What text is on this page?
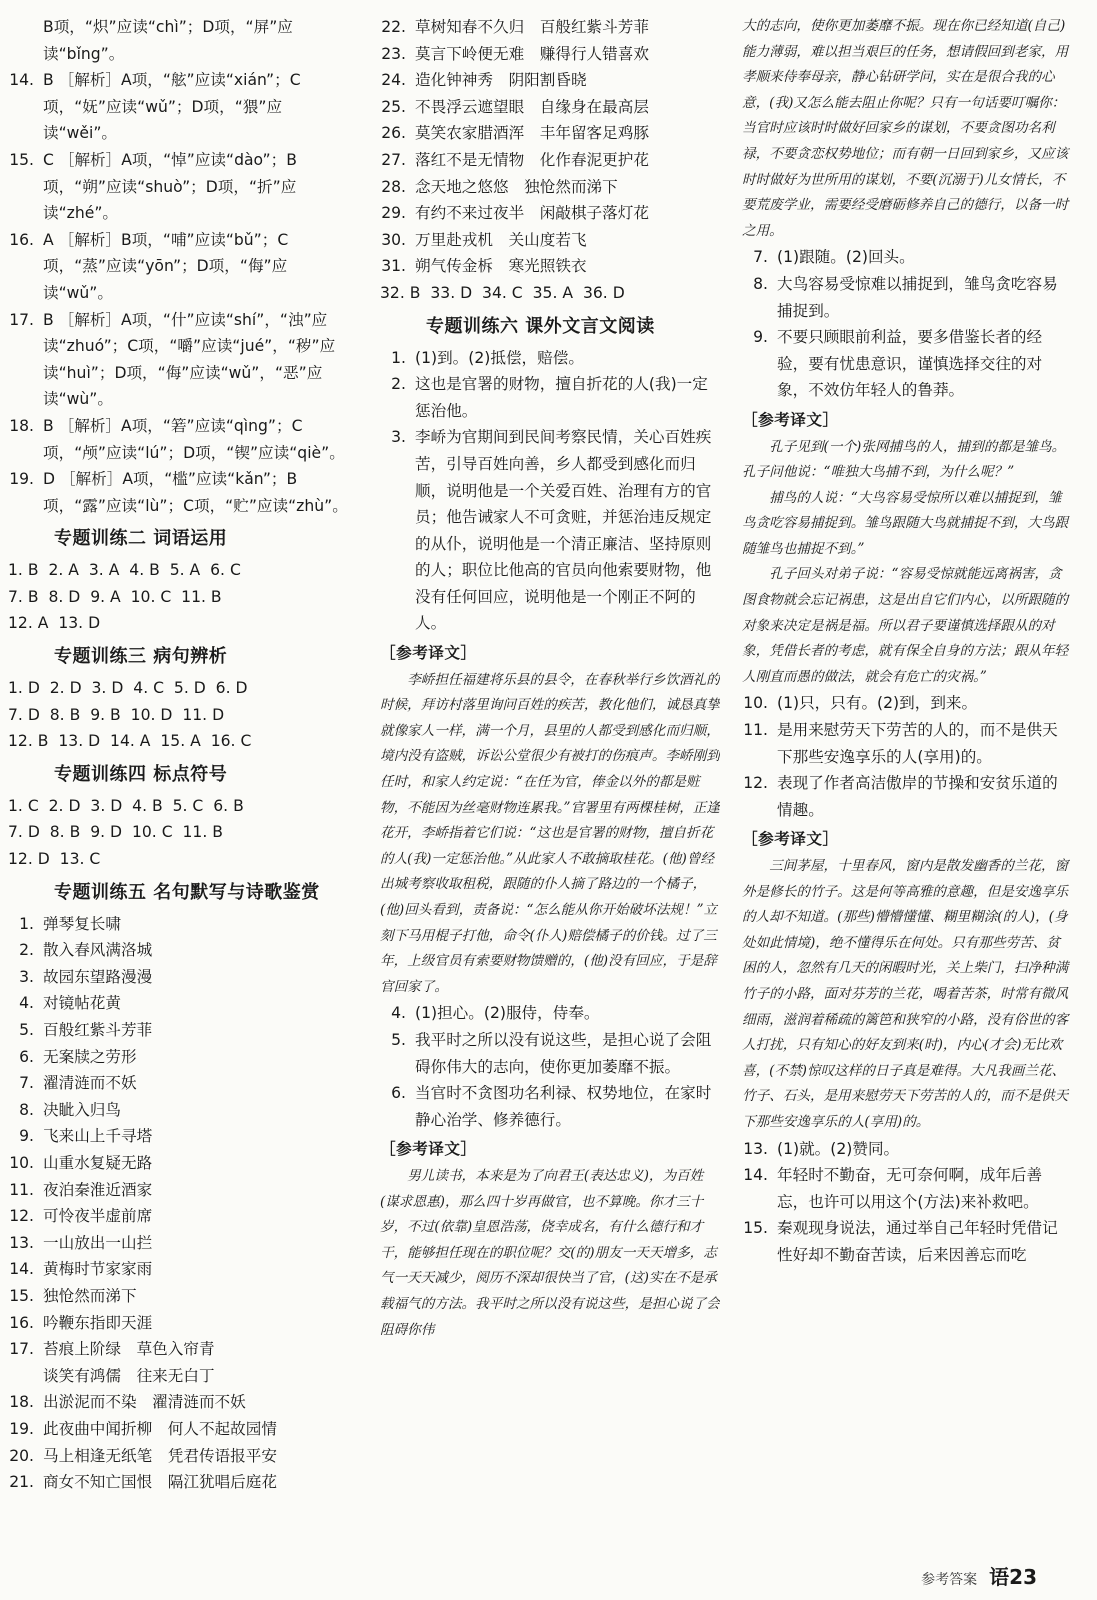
B项，“炽”应读“chì”；D项，“屏”应读“bǐng”。
14. B ［解析］A项，“舷”应读“xián”；C项，“妩”应读“wǔ”；D项，“猥”应读“wěi”。
15. C ［解析］A项，“悼”应读“dào”；B项，“朔”应读“shuò”；D项，“折”应读“zhé”。
16. A ［解析］B项，“哺”应读“bǔ”；C项，“蒸”应读“yōn”；D项，“侮”应读“wǔ”。
17. B ［解析］A项，“什”应读“shí”，“浊”应读“zhuó”；C项，“嚼”应读“jué”，“秽”应读“huì”；D项，“侮”应读“wǔ”，“恶”应读“wù”。
18. B ［解析］A项，“箬”应读“qìng”；C项，“颅”应读“lú”；D项，“锲”应读“qiè”。
19. D ［解析］A项，“槛”应读“kǎn”；B项，“露”应读“lù”；C项，“贮”应读“zhù”。
专题训练二 词语运用
1. B  2. A  3. A  4. B  5. A  6. C
7. B  8. D  9. A  10. C  11. B
12. A  13. D
专题训练三 病句辨析
1. D  2. D  3. D  4. C  5. D  6. D
7. D  8. B  9. B  10. D  11. D
12. B  13. D  14. A  15. A  16. C
专题训练四 标点符号
1. C  2. D  3. D  4. B  5. C  6. B
7. D  8. B  9. D  10. C  11. B
12. D  13. C
专题训练五 名句默写与诗歌鉴赏
1. 弹琴复长啸
2. 散入春风满洛城
3. 故园东望路漫漫
4. 对镜帖花黄
5. 百般红紫斗芳菲
6. 无案牍之劳形
7. 濯清涟而不妖
8. 决眦入归鸟
9. 飞来山上千寻塔
10. 山重水复疑无路
11. 夜泊秦淮近酒家
12. 可怜夜半虚前席
13. 一山放出一山拦
14. 黄梅时节家家雨
15. 独怆然而涕下
16. 吟鞭东指即天涯
17. 苔痕上阶绿　草色入帘青
谈笑有鸿儒　往来无白丁
18. 出淤泥而不染　濯清涟而不妖
19. 此夜曲中闻折柳　何人不起故园情
20. 马上相逢无纸笔　凭君传语报平安
21. 商女不知亡国恨　隔江犹唱后庭花
22. 草树知春不久归　百般红紫斗芳菲
23. 莫言下岭便无难　赚得行人错喜欢
24. 造化钟神秀　阴阳割昏晓
25. 不畏浮云遮望眼　自缘身在最高层
26. 莫笑农家腊酒浑　丰年留客足鸡豚
27. 落红不是无情物　化作春泥更护花
28. 念天地之悠悠　独怆然而涕下
29. 有约不来过夜半　闲敲棋子落灯花
30. 万里赴戎机　关山度若飞
31. 朔气传金柝　寒光照铁衣
32. B  33. D  34. C  35. A  36. D
专题训练六 课外文言文阅读
1. (1)到。(2)抵偿，赔偿。
2. 这也是官署的财物，擅自折花的人(我)一定惩治他。
3. 李峤为官期间到民间考察民情，关心百姓疾苦，引导百姓向善，乡人都受到感化而归顺，说明他是一个关爱百姓、治理有方的官员；他告诫家人不可贪赃，并惩治违反规定的从仆，说明他是一个清正廉洁、坚持原则的人；职位比他高的官员向他索要财物，他没有任何回应，说明他是一个刚正不阿的人。
［参考译文］
李峤担任福建将乐县的县令，在春秋举行乡饮酒礼的时候，拜访村落里询问百姓的疾苦，教化他们，诚恳真挚就像家人一样，满一个月，县里的人都受到感化而归顺，境内没有盗贼，诉讼公堂很少有被打的伤痕声。李峤刚到任时，和家人约定说：“在任为官，俸金以外的都是赃物，不能因为丝毫财物连累我。”官署里有两棵桂树，正逢花开，李峤指着它们说：“这也是官署的财物，擅自折花的人(我)一定惩治他。”从此家人不敢摘取桂花。(他)曾经出城考察收取租税，跟随的仆人摘了路边的一个橘子，(他)回头看到，责备说：“怎么能从你开始破坏法规！”立刻下马用棍子打他，命令(仆人)赔偿橘子的价钱。过了三年，上级官员有索要财物馈赠的，(他)没有回应，于是辞官回家了。
4. (1)担心。(2)服侍，侍奉。
5. 我平时之所以没有说这些，是担心说了会阻碍你伟大的志向，使你更加萎靡不振。
6. 当官时不贪图功名利禄、权势地位，在家时静心治学、修养德行。
［参考译文］
男儿读书，本来是为了向君王(表达忠义)，为百姓(谋求恩惠)，那么四十岁再做官，也不算晚。你才三十岁，不过(依靠)皇恩浩荡，侥幸成名，有什么德行和才干，能够担任现在的职位呢？交(的)朋友一天天增多，志气一天天减少，阅历不深却很快当了官，(这)实在不是承载福气的方法。我平时之所以没有说这些，是担心说了会阻碍你伟
大的志向，使你更加萎靡不振。现在你已经知道(自己)能力薄弱，难以担当艰巨的任务，想请假回到老家，用孝顺来侍奉母亲，静心钻研学问，实在是很合我的心意，(我)又怎么能去阻止你呢？只有一句话要叮嘱你：当官时应该时时做好回家乡的谋划，不要贪图功名利禄，不要贪恋权势地位；而有朝一日回到家乡，又应该时时做好为世所用的谋划，不要(沉溺于)儿女情长，不要荒废学业，需要经受磨砺修养自己的德行，以备一时之用。
7. (1)跟随。(2)回头。
8. 大鸟容易受惊难以捕捉到，雏鸟贪吃容易捕捉到。
9. 不要只顾眼前利益，要多借鉴长者的经验，要有忧患意识，谨慎选择交往的对象，不效仿年轻人的鲁莽。
［参考译文］
孔子见到(一个)张网捕鸟的人，捕到的都是雏鸟。孔子问他说：“唯独大鸟捕不到，为什么呢？”
捕鸟的人说：“大鸟容易受惊所以难以捕捉到，雏鸟贪吃容易捕捉到。雏鸟跟随大鸟就捕捉不到，大鸟跟随雏鸟也捕捉不到。”
孔子回头对弟子说：“容易受惊就能远离祸害，贪图食物就会忘记祸患，这是出自它们内心，以所跟随的对象来决定是祸是福。所以君子要谨慎选择跟从的对象，凭借长者的考虑，就有保全自身的方法；跟从年轻人刚直而愚的做法，就会有危亡的灾祸。”
10. (1)只，只有。(2)到，到来。
11. 是用来慰劳天下劳苦的人的，而不是供天下那些安逸享乐的人(享用)的。
12. 表现了作者高洁傲岸的节操和安贫乐道的情趣。
［参考译文］
三间茅屋，十里春风，窗内是散发幽香的兰花，窗外是修长的竹子。这是何等高雅的意趣，但是安逸享乐的人却不知道。(那些)懵懵懂懂、糊里糊涂(的人)，(身处如此情境)，绝不懂得乐在何处。只有那些劳苦、贫困的人，忽然有几天的闲暇时光，关上柴门，扫净种满竹子的小路，面对芬芳的兰花，喝着苦茶，时常有微风细雨，滋润着稀疏的篱笆和狭窄的小路，没有俗世的客人打扰，只有知心的好友到来(时)，内心(才会)无比欢喜，(不禁)惊叹这样的日子真是难得。大凡我画兰花、竹子、石头，是用来慰劳天下劳苦的人的，而不是供天下那些安逸享乐的人(享用)的。
13. (1)就。(2)赞同。
14. 年轻时不勤奋，无可奈何啊，成年后善忘，也许可以用这个(方法)来补救吧。
15. 秦观现身说法，通过举自己年轻时凭借记性好却不勤奋苦读，后来因善忘而吃
参考答案 语23
